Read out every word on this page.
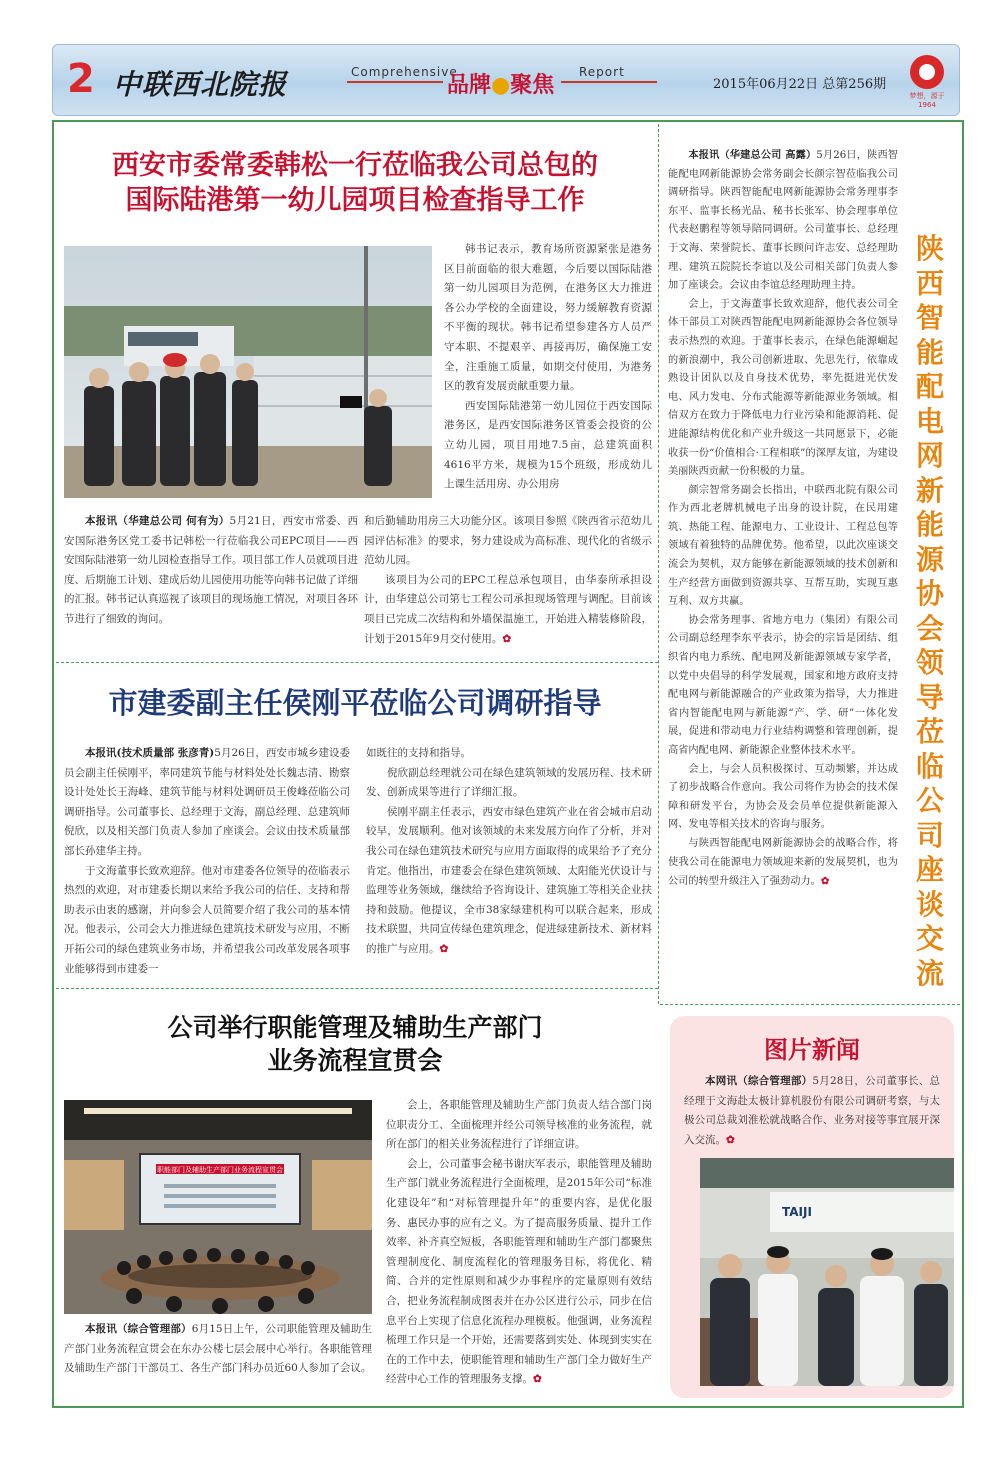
2 中联西北院报	Comprehensive
品牌●聚焦 Report
2015年06月22日 总第256期
梦想，源于1964
西安市委常委韩松一行莅临我公司总包的
国际陆港第一幼儿园项目检查指导工作

本报讯（华建总公司 何有为）5月21日，西安市常委、西安国际港务区党工委书记韩松一行莅临我公司EPC项目——西安国际陆港第一幼儿园检查指导工作。项目部工作人员就项目进度、后期施工计划、建成后幼儿园使用功能等向韩书记做了详细的汇报。韩书记认真巡视了该项目的现场施工情况，对项目各环节进行了细致的询问。

韩书记表示，教育场所资源紧张是港务区目前面临的很大难题，今后要以国际陆港第一幼儿园项目为范例，在港务区大力推进各公办学校的全面建设，努力缓解教育资源不平衡的现状。韩书记希望参建各方人员严守本职、不提艰辛、再接再厉，确保施工安全，注重施工质量，如期交付使用，为港务区的教育发展贡献重要力量。

西安国际陆港第一幼儿园位于西安国际港务区，是西安国际港务区管委会投资的公立幼儿园，项目用地7.5亩，总建筑面积4616平方米，规模为15个班级，形成幼儿上课生活用房、办公用房

和后勤辅助用房三大功能分区。该项目参照《陕西省示范幼儿园评估标准》的要求，努力建设成为高标准、现代化的省级示范幼儿园。

该项目为公司的EPC工程总承包项目，由华泰所承担设计，由华建总公司第七工程公司承担现场管理与调配。目前该项目已完成二次结构和外墙保温施工，开始进入精装修阶段，计划于2015年9月交付使用。✿

市建委副主任侯刚平莅临公司调研指导

本报讯(技术质量部 张彦青)5月26日，西安市城乡建设委员会副主任侯刚平，率同建筑节能与材料处处长魏志清、勘察设计处处长王海峰、建筑节能与材料处调研员王俊峰莅临公司调研指导。公司董事长、总经理于文海，副总经理、总建筑师倪欣，以及相关部门负责人参加了座谈会。会议由技术质量部部长孙建华主持。

于文海董事长致欢迎辞。他对市建委各位领导的莅临表示热烈的欢迎，对市建委长期以来给予我公司的信任、支持和帮助表示由衷的感谢，并向参会人员简要介绍了我公司的基本情况。他表示，公司会大力推进绿色建筑技术研发与应用，不断开拓公司的绿色建筑业务市场，并希望我公司改革发展各项事业能够得到市建委一

如既往的支持和指导。

倪欣副总经理就公司在绿色建筑领域的发展历程、技术研发、创新成果等进行了详细汇报。

侯刚平副主任表示，西安市绿色建筑产业在省会城市启动较早，发展顺利。他对该领域的未来发展方向作了分析，并对我公司在绿色建筑技术研究与应用方面取得的成果给予了充分肯定。他指出，市建委会在绿色建筑领域、太阳能光伏设计与监理等业务领域，继续给予咨询设计、建筑施工等相关企业扶持和鼓励。他提议，全市38家绿建机构可以联合起来，形成技术联盟，共同宣传绿色建筑理念，促进绿建新技术、新材料的推广与应用。✿

公司举行职能管理及辅助生产部门
业务流程宣贯会
职能部门及辅助生产部门业务流程宣贯会

本报讯（综合管理部）6月15日上午，公司职能管理及辅助生产部门业务流程宣贯会在东办公楼七层会展中心举行。各职能管理及辅助生产部门干部员工、各生产部门科办员近60人参加了会议。

会上，各职能管理及辅助生产部门负责人结合部门岗位职责分工、全面梳理并经公司领导核准的业务流程，就所在部门的相关业务流程进行了详细宣讲。

会上，公司董事会秘书谢庆军表示，职能管理及辅助生产部门就业务流程进行全面梳理，是2015年公司“标准化建设年”和“对标管理提升年”的重要内容，是优化服务、惠民办事的应有之义。为了提高服务质量、提升工作效率、补齐真空短板，各职能管理和辅助生产部门都聚焦管理制度化、制度流程化的管理服务目标，将优化、精简、合并的定性原则和减少办事程序的定量原则有效结合，把业务流程制成图表并在办公区进行公示，同步在信息平台上实现了信息化流程办理模板。他强调，业务流程梳理工作只是一个开始，还需要落到实处、体现到实实在在的工作中去，使职能管理和辅助生产部门全力做好生产经营中心工作的管理服务支撑。✿

本报讯（华建总公司 高露）5月26日，陕西智能配电网新能源协会常务副会长颜宗智莅临我公司调研指导。陕西智能配电网新能源协会常务理事李东平、监事长杨光品、秘书长张军、协会理事单位代表赵鹏程等领导陪同调研。公司董事长、总经理于文海、荣誉院长、董事长顾问许志安、总经理助理、建筑五院院长李谊以及公司相关部门负责人参加了座谈会。会议由李谊总经理助理主持。

会上，于文海董事长致欢迎辞，他代表公司全体干部员工对陕西智能配电网新能源协会各位领导表示热烈的欢迎。于董事长表示，在绿色能源崛起的新浪潮中，我公司创新进取、先思先行，依靠成熟设计团队以及自身技术优势，率先挺进光伏发电、风力发电、分布式能源等新能源业务领域。相信双方在致力于降低电力行业污染和能源消耗、促进能源结构优化和产业升级这一共同愿景下，必能收获一份“价值相合·工程相联”的深厚友谊，为建设美丽陕西贡献一份积极的力量。

颜宗智常务副会长指出，中联西北院有限公司作为西北老牌机械电子出身的设计院，在民用建筑、热能工程、能源电力、工业设计、工程总包等领域有着独特的品牌优势。他希望，以此次座谈交流会为契机，双方能够在新能源领域的技术创新和生产经营方面做到资源共享、互帮互助，实现互惠互利、双方共赢。

协会常务理事、省地方电力（集团）有限公司公司副总经理李东平表示，协会的宗旨是团结、组织省内电力系统、配电网及新能源领域专家学者，以党中央倡导的科学发展观，国家和地方政府支持配电网与新能源融合的产业政策为指导，大力推进省内智能配电网与新能源“产、学、研”一体化发展，促进和带动电力行业结构调整和管理创新，提高省内配电网、新能源企业整体技术水平。

会上，与会人员积极探讨、互动频繁，并达成了初步战略合作意向。我公司将作为协会的技术保障和研发平台，为协会及会员单位提供新能源入网、发电等相关技术的咨询与服务。

与陕西智能配电网新能源协会的战略合作，将使我公司在能源电力领域迎来新的发展契机，也为公司的转型升级注入了强劲动力。✿

陕西智能配电网新能源协会领导莅临公司座谈交流
图片新闻

本网讯（综合管理部）5月28日，公司董事长、总经理于文海赴太极计算机股份有限公司调研考察，与太极公司总裁刘淮松就战略合作、业务对接等事宜展开深入交流。✿

TAIJI
